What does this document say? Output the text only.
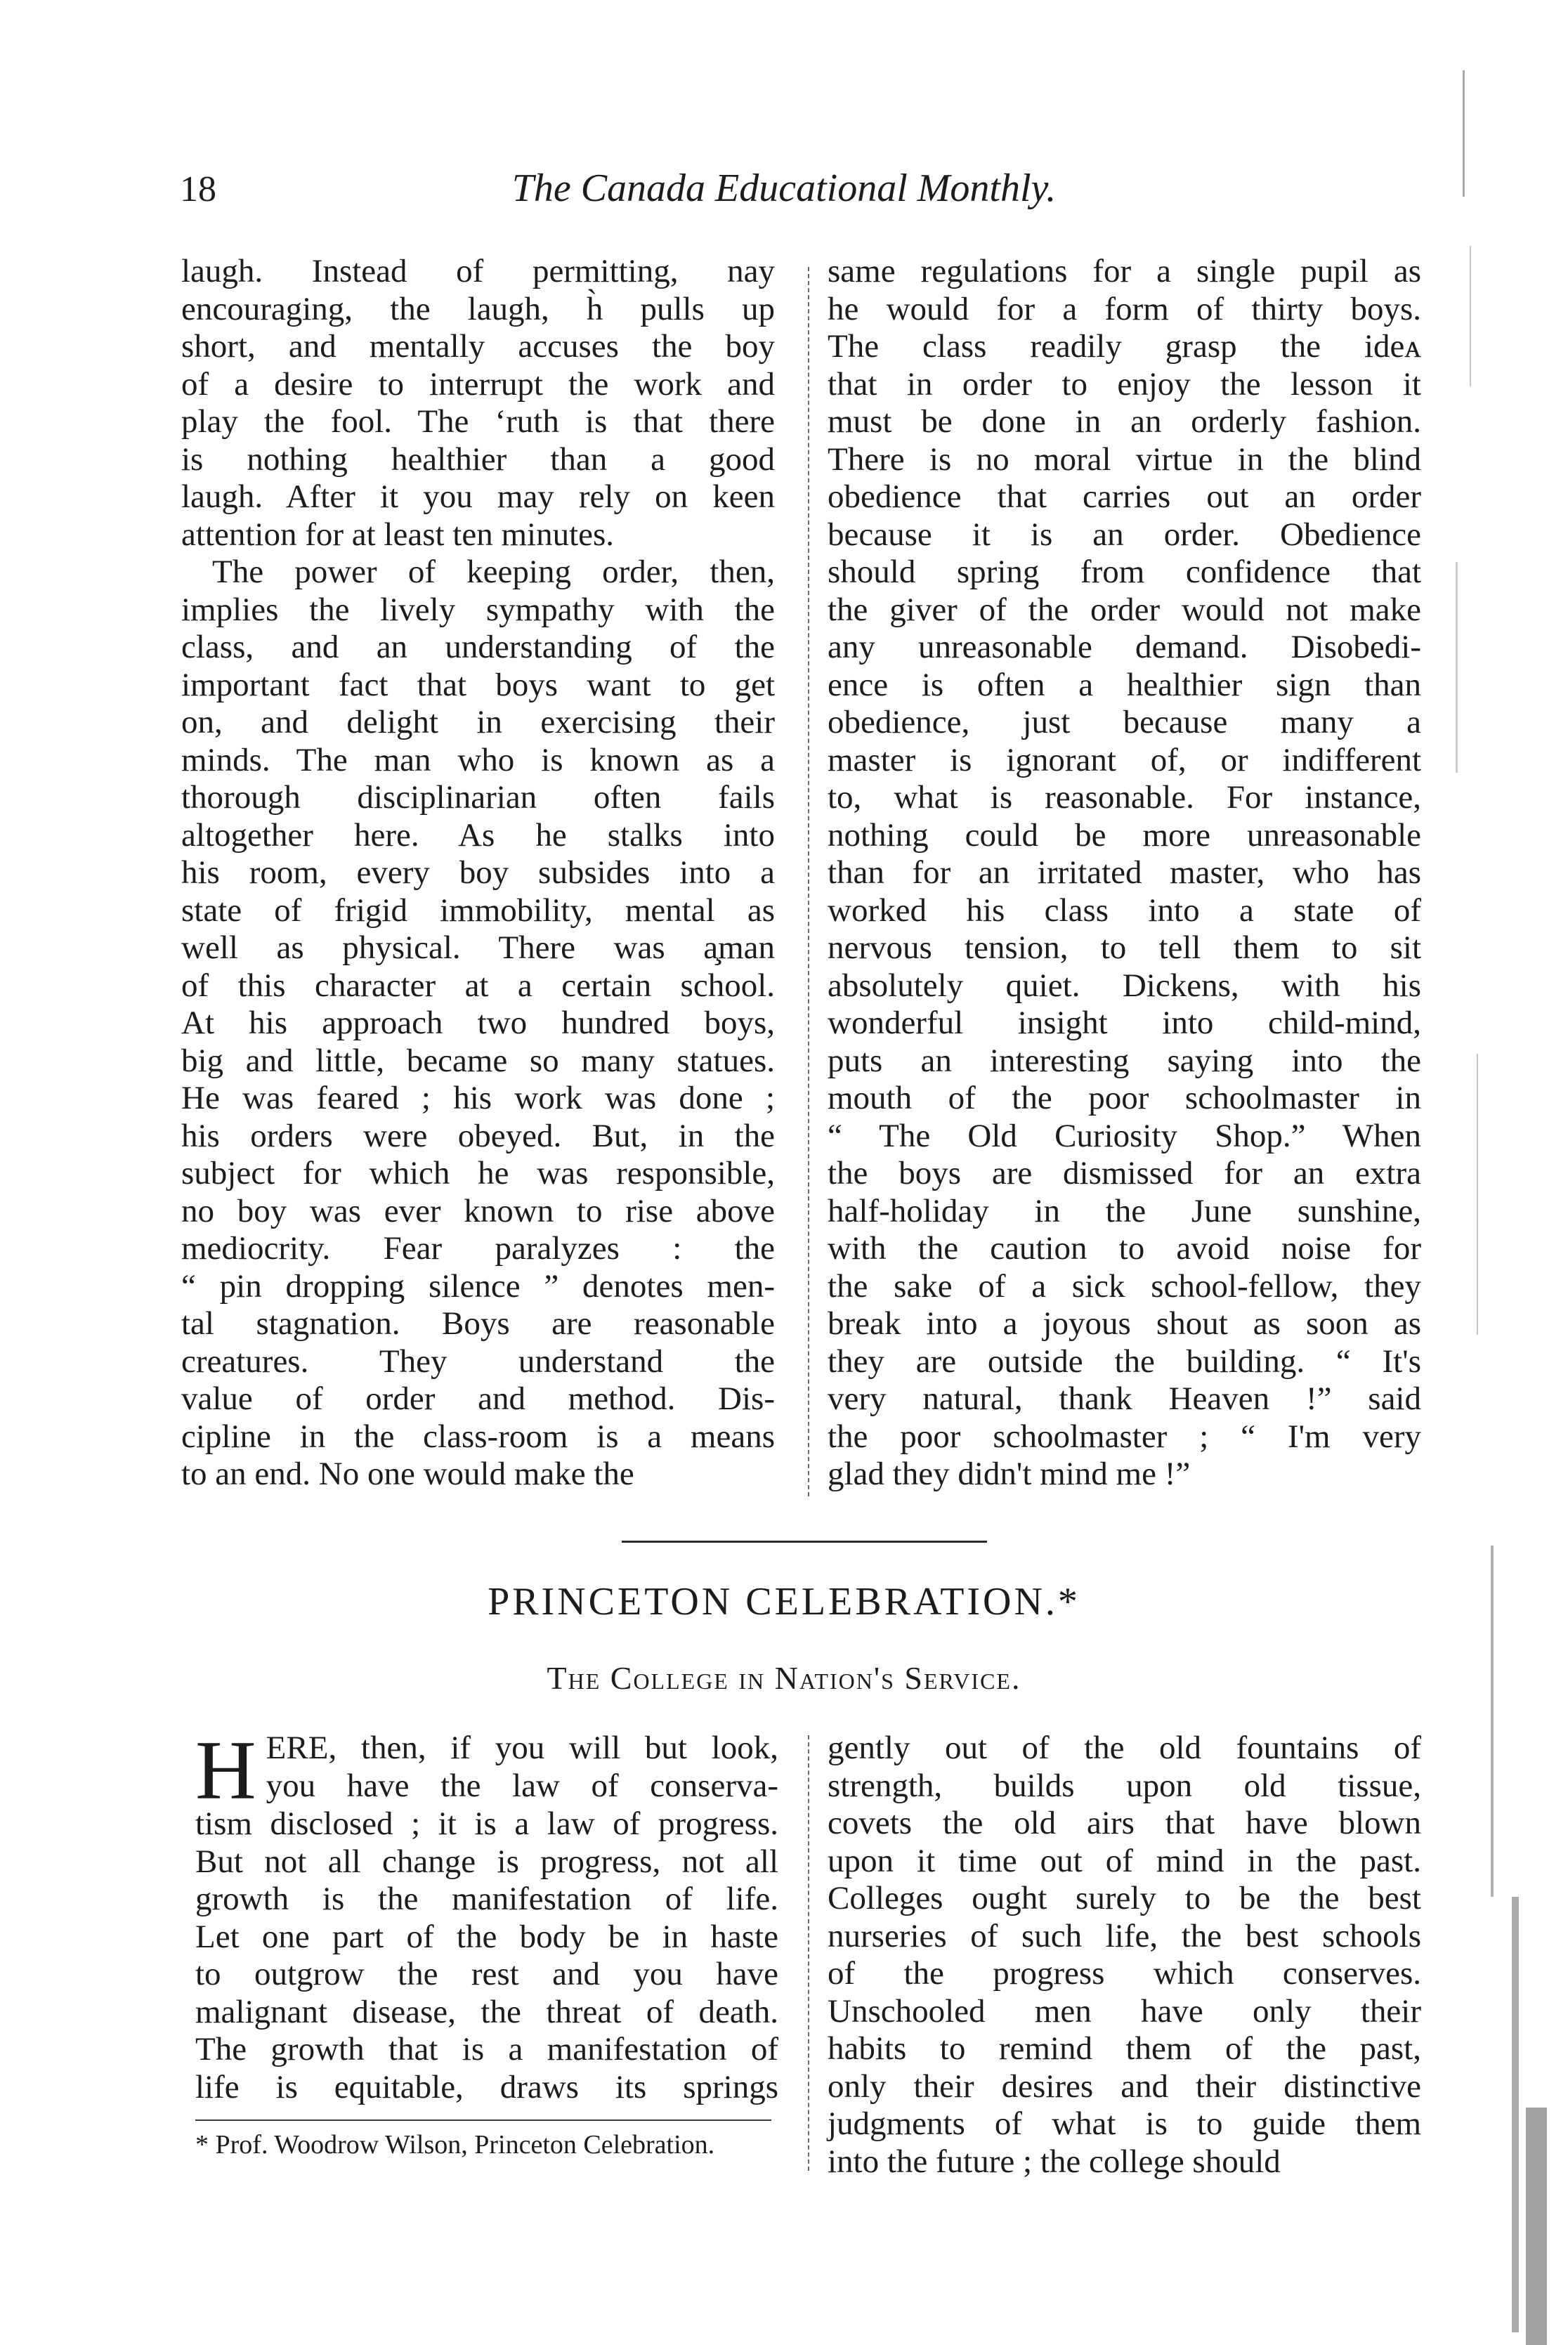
18	The Canada Educational Monthly.

laugh. Instead of permitting, nay

encouraging, the laugh, h̀ pulls up

short, and mentally accuses the boy

of a desire to interrupt the work and

play the fool. The ʻruth is that there

is nothing healthier than a good

laugh. After it you may rely on keen

attention for at least ten minutes.

The power of keeping order, then,

implies the lively sympathy with the

class, and an understanding of the

important fact that boys want to get

on, and delight in exercising their

minds. The man who is known as a

thorough disciplinarian often fails

altogether here. As he stalks into

his room, every boy subsides into a

state of frigid immobility, mental as

well as physical. There was a̧man

of this character at a certain school.

At his approach two hundred boys,

big and little, became so many statues.

He was feared ; his work was done ;

his orders were obeyed. But, in the

subject for which he was responsible,

no boy was ever known to rise above

mediocrity. Fear paralyzes : the

“ pin dropping silence ” denotes men-

tal stagnation. Boys are reasonable

creatures. They understand the

value of order and method. Dis-

cipline in the class-room is a means

to an end. No one would make the

same regulations for a single pupil as

he would for a form of thirty boys.

The class readily grasp the ideᴀ

that in order to enjoy the lesson it

must be done in an orderly fashion.

There is no moral virtue in the blind

obedience that carries out an order

because it is an order. Obedience

should spring from confidence that

the giver of the order would not make

any unreasonable demand. Disobedi-

ence is often a healthier sign than

obedience, just because many a

master is ignorant of, or indifferent

to, what is reasonable. For instance,

nothing could be more unreasonable

than for an irritated master, who has

worked his class into a state of

nervous tension, to tell them to sit

absolutely quiet. Dickens, with his

wonderful insight into child-mind,

puts an interesting saying into the

mouth of the poor schoolmaster in

“ The Old Curiosity Shop.” When

the boys are dismissed for an extra

half-holiday in the June sunshine,

with the caution to avoid noise for

the sake of a sick school-fellow, they

break into a joyous shout as soon as

they are outside the building. “ It's

very natural, thank Heaven !” said

the poor schoolmaster ; “ I'm very

glad they didn't mind me !”

PRINCETON CELEBRATION.*
The College in Nation's Service.
H ERE, then, if you will but look,

you have the law of conserva-

tism disclosed ; it is a law of progress.

But not all change is progress, not all

growth is the manifestation of life.

Let one part of the body be in haste

to outgrow the rest and you have

malignant disease, the threat of death.

The growth that is a manifestation of

life is equitable, draws its springs

gently out of the old fountains of

strength, builds upon old tissue,

covets the old airs that have blown

upon it time out of mind in the past.

Colleges ought surely to be the best

nurseries of such life, the best schools

of the progress which conserves.

Unschooled men have only their

habits to remind them of the past,

only their desires and their distinctive

judgments of what is to guide them

into the future ; the college should

* Prof. Woodrow Wilson, Princeton Celebration.
